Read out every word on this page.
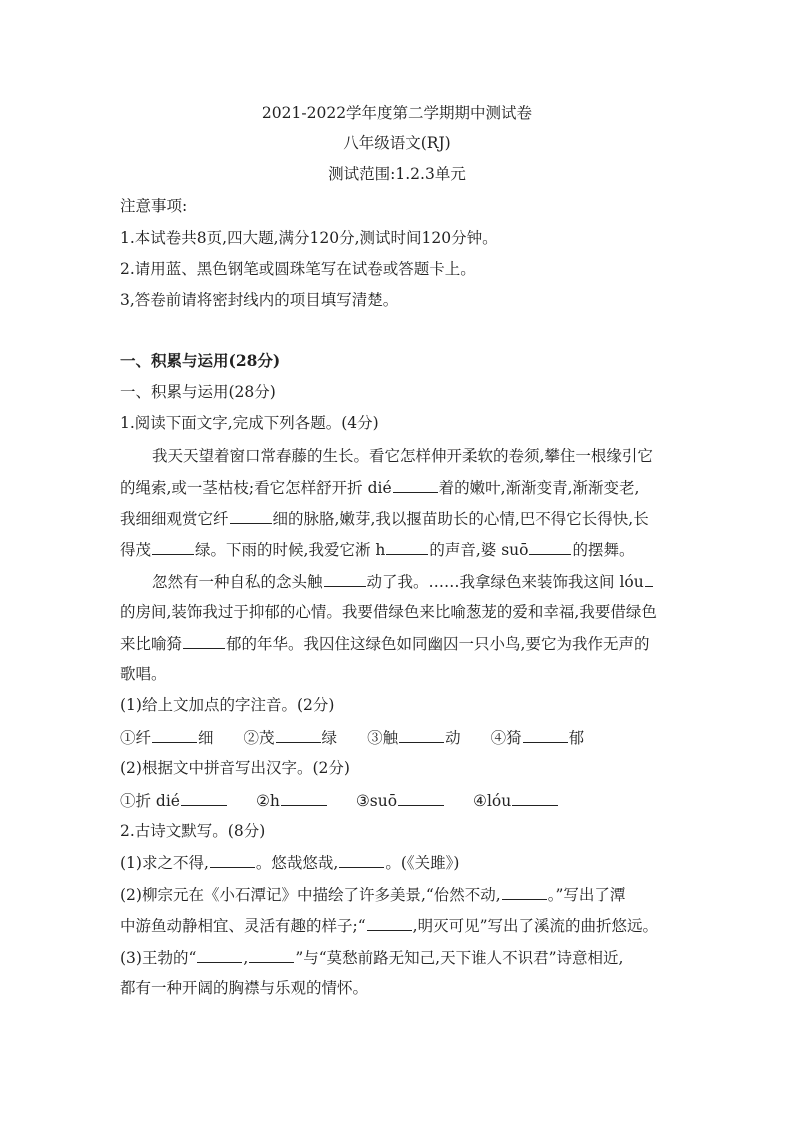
2021-2022学年度第二学期期中测试卷
八年级语文(RJ)
测试范围:1.2.3单元
注意事项:
1.本试卷共8页,四大题,满分120分,测试时间120分钟。
2.请用蓝、黑色钢笔或圆珠笔写在试卷或答题卡上。
3,答卷前请将密封线内的项目填写清楚。
一、积累与运用(28分)
一、积累与运用(28分)
1.阅读下面文字,完成下列各题。(4分)
我天天望着窗口常春藤的生长。看它怎样伸开柔软的卷须,攀住一根缘引它
的绳索,或一茎枯枝;看它怎样舒开折 dié	着的嫩叶,渐渐变青,渐渐变老,
我细细观赏它纤	细的脉胳,嫩芽,我以揠苗助长的心情,巴不得它长得快,长
得茂	绿。下雨的时候,我爱它淅 h	的声音,婆 suō	的摆舞。
忽然有一种自私的念头触	动了我。……我拿绿色来装饰我这间 lóu
的房间,装饰我过于抑郁的心情。我要借绿色来比喻葱茏的爱和幸福,我要借绿色
来比喻猗	郁的年华。我囚住这绿色如同幽囚一只小鸟,要它为我作无声的
歌唱。
(1)给上文加点的字注音。(2分)
①纤	细 ②茂	绿 ③触	动 ④猗	郁
(2)根据文中拼音写出汉字。(2分)
①折 dié	②h	③suō	④lóu
2.古诗文默写。(8分)
(1)求之不得,	。悠哉悠哉,	。(《关雎》)
(2)柳宗元在《小石潭记》中描绘了许多美景,“佁然不动,	。”写出了潭
中游鱼动静相宜、灵活有趣的样子;“	,明灭可见”写出了溪流的曲折悠远。
(3)王勃的“	,	”与“莫愁前路无知己,天下谁人不识君”诗意相近,
都有一种开阔的胸襟与乐观的情怀。
